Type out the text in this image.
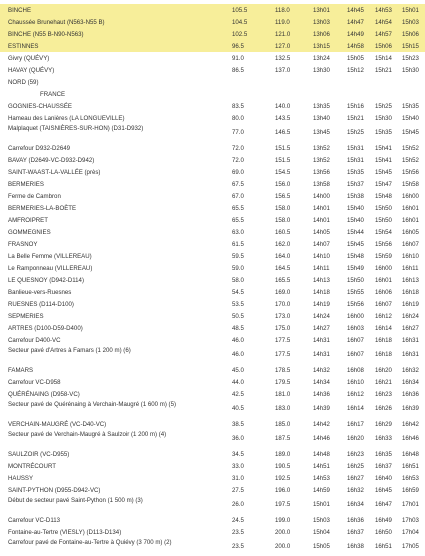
BINCHE	105.5	118.0	13h01	14h45 14h53 15h01
Chaussée Brunehaut (N563-N55 B)	104.5	119.0	13h03	14h47 14h54 15h03
BINCHE (N55 B-N90-N563)	102.5	121.0	13h06	14h49 14h57 15h06
ESTINNES	96.5	127.0	13h15	14h58 15h06 15h15
Givry (QUÉVY)	91.0	132.5	13h24	15h05 15h14 15h23
HAVAY (QUÉVY)	86.5	137.0	13h30	15h12 15h21 15h30
NORD (59)
FRANCE
GOGNIES-CHAUSSÉE	83.5	140.0	13h35	15h16 15h25 15h35
Hameau des Lanières (LA LONGUEVILLE)	80.0	143.5	13h40	15h21 15h30 15h40
Malplaquet (TAISNIÈRES-SUR-HON) (D31-D932)
77.0	146.5	13h45	15h25 15h35 15h45
Carrefour D932-D2649	72.0	151.5	13h52	15h31 15h41 15h52
BAVAY (D2649-VC-D932-D942)	72.0	151.5	13h52	15h31 15h41 15h52
SAINT-WAAST-LA-VALLÉE (près)	69.0	154.5	13h56	15h35 15h45 15h56
BERMERIES	67.5	156.0	13h58	15h37 15h47 15h58
Ferme de Cambron	67.0	156.5	14h00	15h38 15h48 16h00
BERMERIES-LA-BOÈTE	65.5	158.0	14h01	15h40 15h50 16h01
AMFROIPRET	65.5	158.0	14h01	15h40 15h50 16h01
GOMMEGNIES	63.0	160.5	14h05	15h44 15h54 16h05
FRASNOY	61.5	162.0	14h07	15h45 15h56 16h07
La Belle Femme (VILLEREAU)	59.5	164.0	14h10	15h48 15h59 16h10
Le Ramponneau (VILLEREAU)	59.0	164.5	14h11	15h49 16h00 16h11
LE QUESNOY (D942-D114)	58.0	165.5	14h13	15h50 16h01 16h13
Banlieue-vers-Ruesnes	54.5	169.0	14h18	15h55 16h06 16h18
RUESNES (D114-D100)	53.5	170.0	14h19	15h56 16h07 16h19
SEPMERIES	50.5	173.0	14h24	16h00 16h12 16h24
ARTRES (D100-D59-D400)	48.5	175.0	14h27	16h03 16h14 16h27
Carrefour D400-VC	46.0	177.5	14h31	16h07 16h18 16h31
Secteur pavé d'Artres à Famars (1 200 m) (6)
46.0	177.5	14h31	16h07 16h18 16h31
FAMARS	45.0	178.5	14h32	16h08 16h20 16h32
Carrefour VC-D958	44.0	179.5	14h34	16h10 16h21 16h34
QUÉRÉNAING (D958-VC)	42.5	181.0	14h36	16h12 16h23 16h36
Secteur pavé de Quérénaing à Verchain-Maugré (1 600 m) (5)
40.5	183.0	14h39	16h14 16h26 16h39
VERCHAIN-MAUGRÉ (VC-D40-VC)	38.5	185.0	14h42	16h17 16h29 16h42
Secteur pavé de Verchain-Maugré à Saulzoir (1 200 m) (4)
36.0	187.5	14h46	16h20 16h33 16h46
SAULZOIR (VC-D955)	34.5	189.0	14h48	16h23 16h35 16h48
MONTRÉCOURT	33.0	190.5	14h51	16h25 16h37 16h51
HAUSSY	31.0	192.5	14h53	16h27 16h40 16h53
SAINT-PYTHON (D955-D942-VC)	27.5	196.0	14h59	16h32 16h45 16h59
Début de secteur pavé Saint-Python (1 500 m) (3)
26.0	197.5	15h01	16h34 16h47 17h01
Carrefour VC-D113	24.5	199.0	15h03	16h36 16h49 17h03
Fontaine-au-Tertre (VIESLY) (D113-D134)	23.5	200.0	15h04	16h37 16h50 17h04
Carrefour pavé de Fontaine-au-Tertre à Quiévy (3 700 m) (2)
23.5	200.0	15h05	16h38 16h51 17h05
